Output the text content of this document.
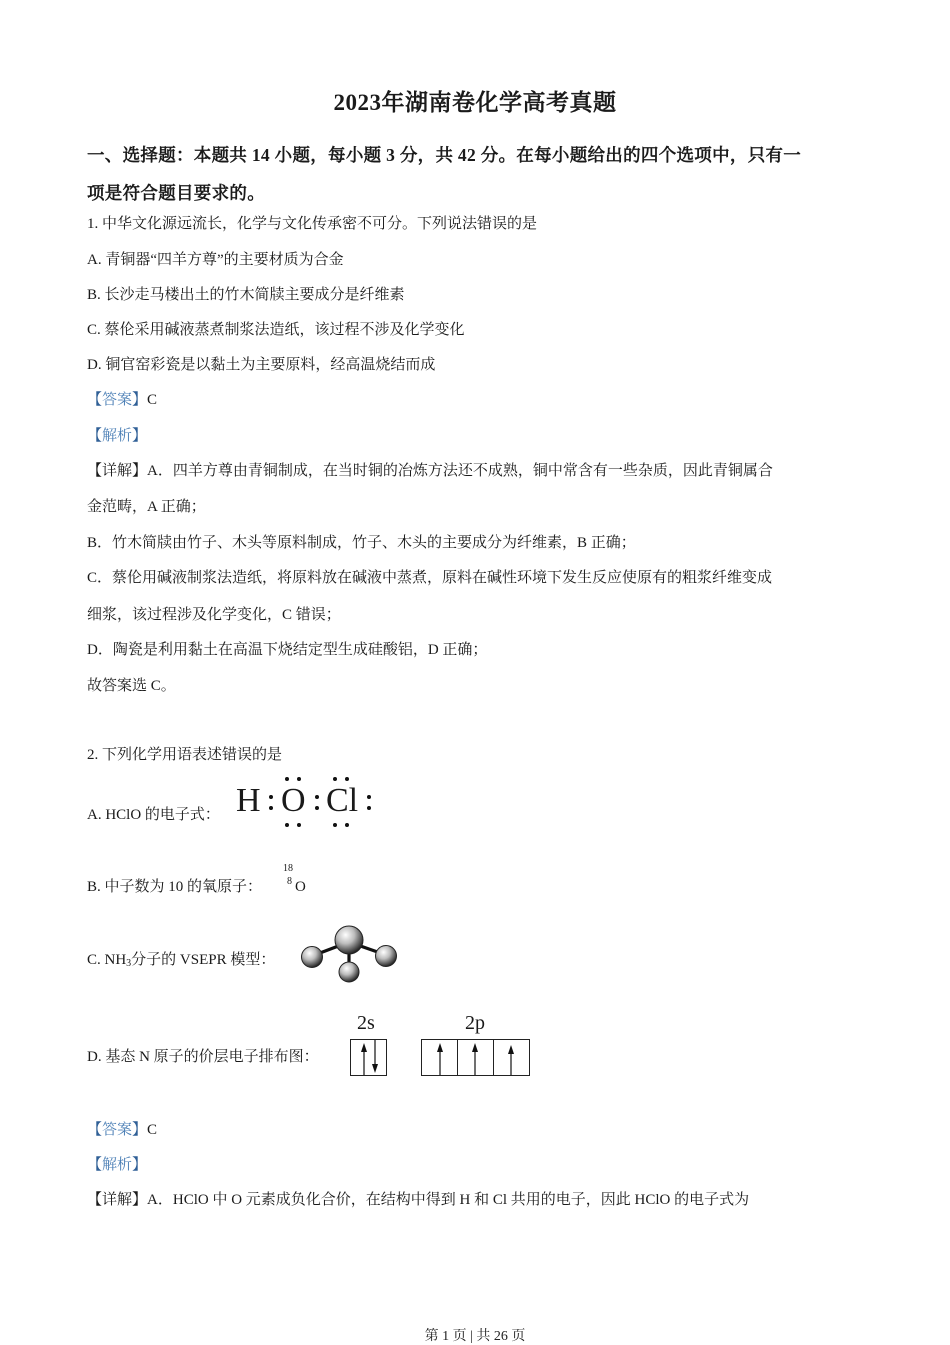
2023年湖南卷化学高考真题
一、选择题：本题共 14 小题，每小题 3 分，共 42 分。在每小题给出的四个选项中，只有一
项是符合题目要求的。
1. 中华文化源远流长，化学与文化传承密不可分。下列说法错误的是
A. 青铜器“四羊方尊”的主要材质为合金
B. 长沙走马楼出土的竹木简牍主要成分是纤维素
C. 蔡伦采用碱液蒸煮制浆法造纸，该过程不涉及化学变化
D. 铜官窑彩瓷是以黏土为主要原料，经高温烧结而成
【答案】C
【解析】
【详解】A．四羊方尊由青铜制成，在当时铜的冶炼方法还不成熟，铜中常含有一些杂质，因此青铜属合
金范畴，A 正确；
B．竹木简牍由竹子、木头等原料制成，竹子、木头的主要成分为纤维素，B 正确；
C．蔡伦用碱液制浆法造纸，将原料放在碱液中蒸煮，原料在碱性环境下发生反应使原有的粗浆纤维变成
细浆，该过程涉及化学变化，C 错误；
D．陶瓷是利用黏土在高温下烧结定型生成硅酸铝，D 正确；
故答案选 C。
2. 下列化学用语表述错误的是
A. HClO 的电子式： H O Cl
B. 中子数为 10 的氧原子：
18
8 O
C. $NH_3$分子的 VSEPR 模型：
D. 基态 N 原子的价层电子排布图：
2s	2p
【答案】C
【解析】
【详解】A．HClO 中 O 元素成负化合价，在结构中得到 H 和 Cl 共用的电子，因此 HClO 的电子式为
第 1 页 | 共 26 页
